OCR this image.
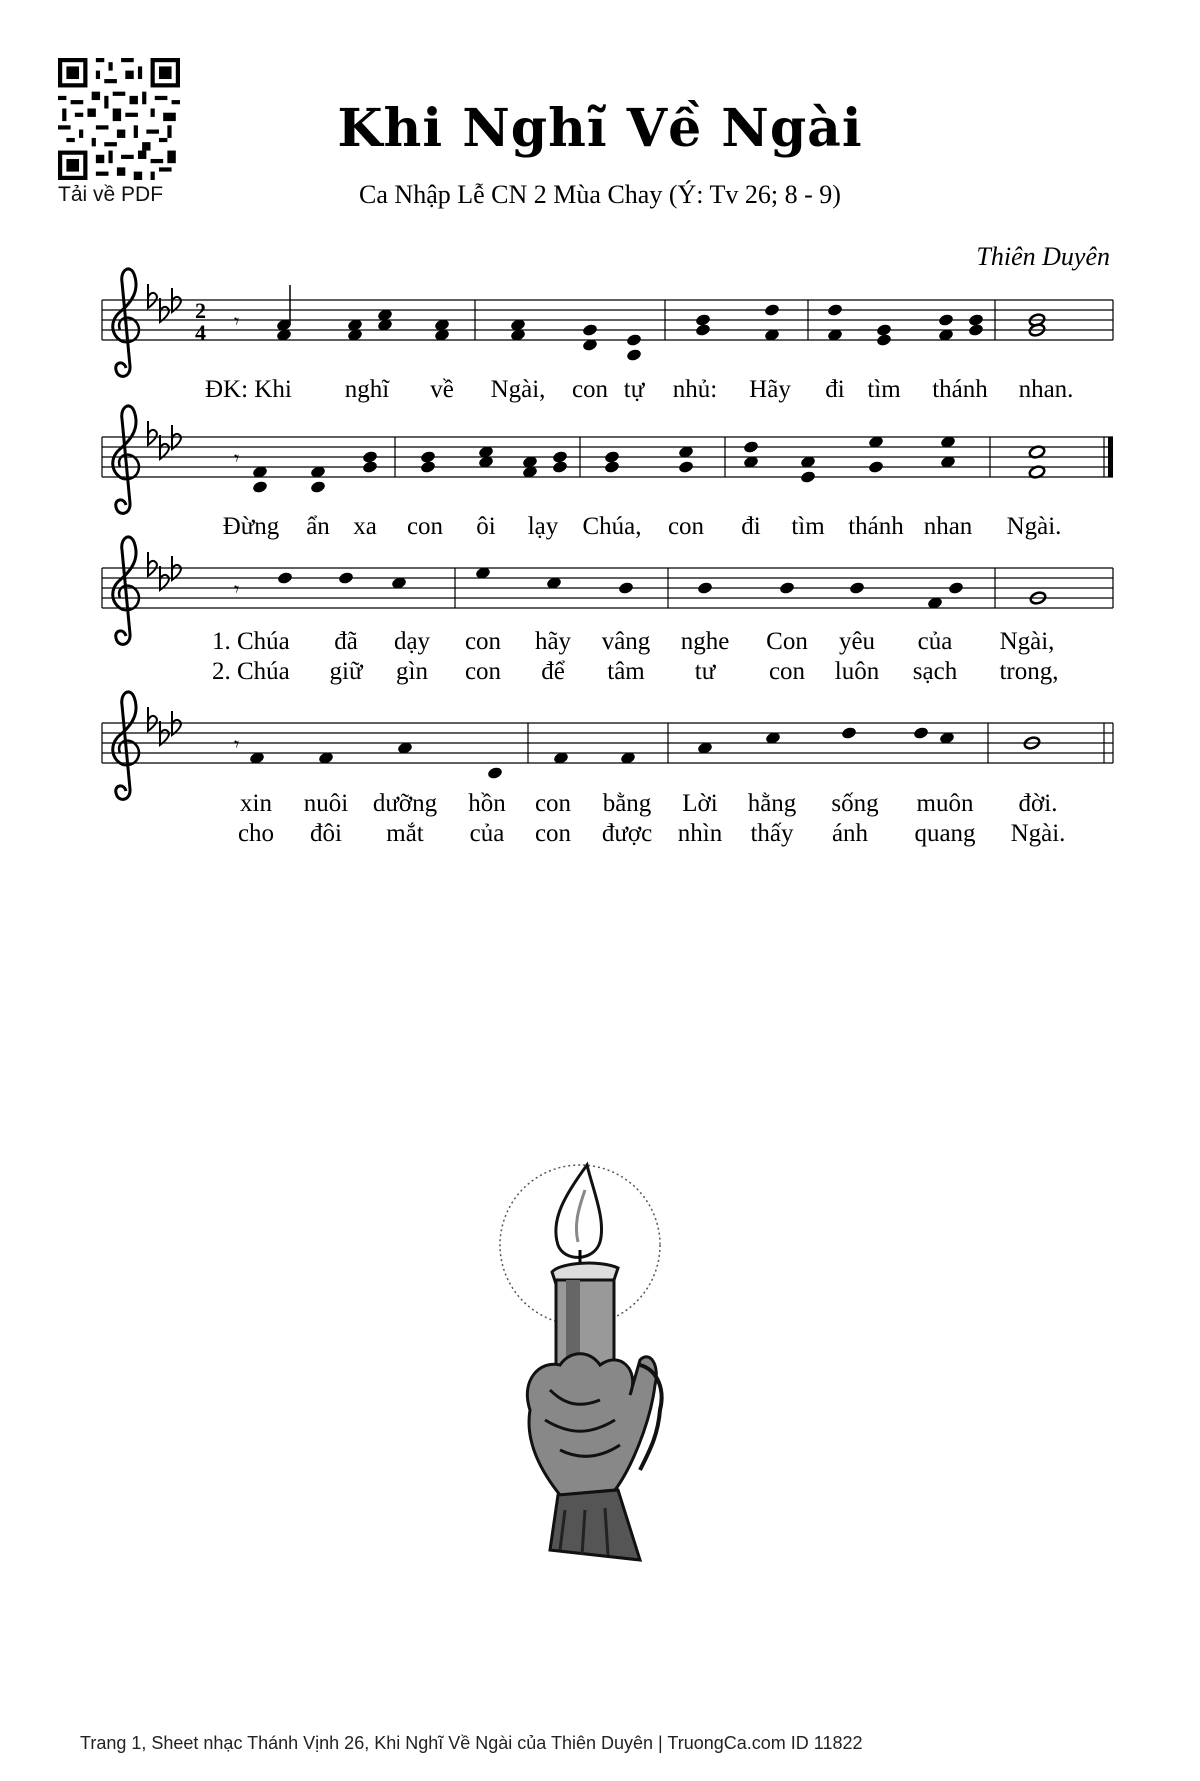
Tải về PDF
Khi Nghĩ Về Ngài
Ca Nhập Lễ CN 2 Mùa Chay (Ý: Tv 26; 8 - 9)
Thiên Duyên
2
4 𝄾
𝄾
𝄾
𝄾
ĐK: Khi nghĩ về Ngài, con tự nhủ: Hãy đi tìm thánh nhan.
Đừng ẩn xa con ôi lạy Chúa, con đi tìm thánh nhan Ngài.
1. Chúa đã dạy con hãy vâng nghe Con yêu của Ngài,
2. Chúa giữ gìn con để tâm tư con luôn sạch trong,
xin nuôi dưỡng hồn con bằng Lời hằng sống muôn đời.
cho đôi mắt của con được nhìn thấy ánh quang Ngài.
Trang 1, Sheet nhạc Thánh Vịnh 26, Khi Nghĩ Về Ngài của Thiên Duyên | TruongCa.com ID 11822
